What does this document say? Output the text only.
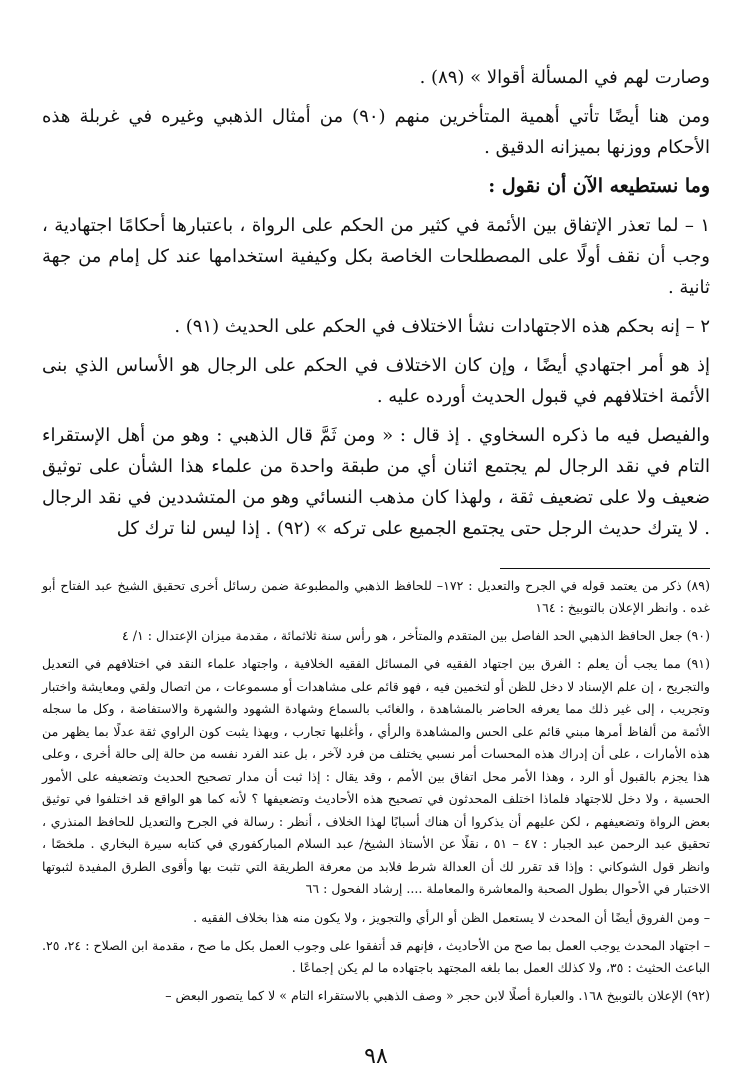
وصارت لهم في المسألة أقوالا » (٨٩) .

ومن هنا أيضًا تأتي أهمية المتأخرين منهم (٩٠) من أمثال الذهبي وغيره في غربلة هذه الأحكام ووزنها بميزانه الدقيق .

وما نستطيعه الآن أن نقول :

١ – لما تعذر الإتفاق بين الأئمة في كثير من الحكم على الرواة ، باعتبارها أحكامًا اجتهادية ، وجب أن نقف أولًا على المصطلحات الخاصة بكل وكيفية استخدامها عند كل إمام من جهة ثانية .

٢ – إنه بحكم هذه الاجتهادات نشأ الاختلاف في الحكم على الحديث (٩١) .

إذ هو أمر اجتهادي أيضًا ، وإن كان الاختلاف في الحكم على الرجال هو الأساس الذي بنى الأئمة اختلافهم في قبول الحديث أورده عليه .

والفيصل فيه ما ذكره السخاوي . إذ قال : « ومن ثَمَّ قال الذهبي : وهو من أهل الإستقراء التام في نقد الرجال لم يجتمع اثنان أي من طبقة واحدة من علماء هذا الشأن على توثيق ضعيف ولا على تضعيف ثقة ، ولهذا كان مذهب النسائي وهو من المتشددين في نقد الرجال . لا يترك حديث الرجل حتى يجتمع الجميع على تركه » (٩٢) . إذا ليس لنا ترك كل

(٨٩) ذكر من يعتمد قوله في الجرح والتعديل : ١٧٢– للحافظ الذهبي والمطبوعة ضمن رسائل أخرى تحقيق الشيخ عبد الفتاح أبو غده . وانظر الإعلان بالتوبيخ : ١٦٤

(٩٠) جعل الحافظ الذهبي الحد الفاصل بين المتقدم والمتأخر ، هو رأس سنة ثلاثمائة ، مقدمة ميزان الإعتدال : ١/ ٤

(٩١) مما يجب أن يعلم : الفرق بين اجتهاد الفقيه في المسائل الفقيه الخلافية ، واجتهاد علماء النقد في اختلافهم في التعديل والتجريح ، إن علم الإسناد لا دخل للظن أو لتخمين فيه ، فهو قائم على مشاهدات أو مسموعات ، من اتصال ولقي ومعايشة واختبار وتجريب ، إلى غير ذلك مما يعرفه الحاضر بالمشاهدة ، والغائب بالسماع وشهادة الشهود والشهرة والاستفاضة ، وكل ما سجله الأئمة من ألفاظ أمرها مبني قائم على الحس والمشاهدة والرأي ، وأغلبها تجارب ، وبهذا يثبت كون الراوي ثقة عدلًا بما يظهر من هذه الأمارات ، على أن إدراك هذه المحسات أمر نسبي يختلف من فرد لآخر ، بل عند الفرد نفسه من حالة إلى حالة أخرى ، وعلى هذا يجزم بالقبول أو الرد ، وهذا الأمر محل اتفاق بين الأمم ، وقد يقال : إذا ثبت أن مدار تصحيح الحديث وتضعيفه على الأمور الحسية ، ولا دخل للاجتهاد فلماذا اختلف المحدثون في تصحيح هذه الأحاديث وتضعيفها ؟ لأنه كما هو الواقع قد اختلفوا في توثيق بعض الرواة وتضعيفهم ، لكن عليهم أن يذكروا أن هناك أسبابًا لهذا الخلاف ، أنظر : رسالة في الجرح والتعديل للحافظ المنذري ، تحقيق عبد الرحمن عبد الجبار : ٤٧ – ٥١ ، نقلًا عن الأستاذ الشيخ/ عبد السلام المباركفوري في كتابه سيرة البخاري . ملخصًا ، وانظر قول الشوكاني : وإذا قد تقرر لك أن العدالة شرط فلابد من معرفة الطريقة التي تثبت بها وأقوى الطرق المفيدة لثبوتها الاختبار في الأحوال بطول الصحبة والمعاشرة والمعاملة .... إرشاد الفحول : ٦٦

– ومن الفروق أيضًا أن المحدث لا يستعمل الظن أو الرأي والتجويز ، ولا يكون منه هذا بخلاف الفقيه .

– اجتهاد المحدث يوجب العمل بما صح من الأحاديث ، فإنهم قد أتفقوا على وجوب العمل بكل ما صح ، مقدمة ابن الصلاح : ٢٤، ٢٥. الباعث الحثيث : ٣٥، ولا كذلك العمل بما بلغه المجتهد باجتهاده ما لم يكن إجماعًا .

(٩٢) الإعلان بالتوبيخ ١٦٨. والعبارة أصلًا لابن حجر « وصف الذهبي بالاستقراء التام » لا كما يتصور البعض –

٩٨
